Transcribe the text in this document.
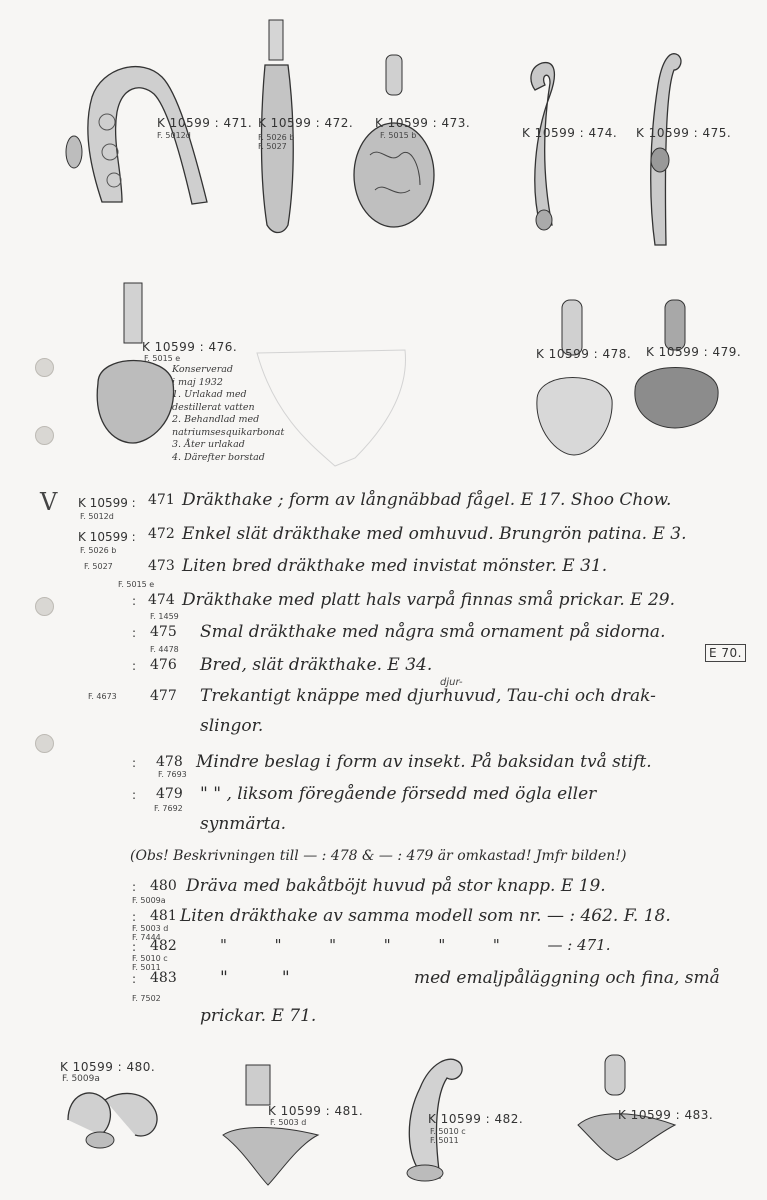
K 10599 : 471.
F. 5012d
K 10599 : 472.
F. 5026 b
F. 5027
K 10599 : 473.
F. 5015 b	K 10599 : 474. K 10599 : 475.
K 10599 : 476.
F. 5015 e
Konserverad
i maj 1932
1. Urlakad med
destillerat vatten
2. Behandlad med
natriumsesquikarbonat
3. Åter urlakad
4. Därefter borstad
K 10599 : 478. K 10599 : 479.
V K 10599 :
F. 5012d
471 Dräkthake ; form av långnäbbad fågel. E 17. Shoo Chow.
K 10599 :
F. 5026 b
472 Enkel slät dräkthake med omhuvud. Brungrön patina. E 3.
F. 5027	473 Liten bred dräkthake med invistat mönster. E 31.
:
F. 5015 e
474 Dräkthake med platt hals varpå finnas små prickar. E 29.
:
F. 1459
475 Smal dräkthake med några små ornament på sidorna.
E 70.
:
F. 4478
476 Bred, slät dräkthake. E 34.
djur-
F. 4673 477 Trekantigt knäppe med djurhuvud, Tau-chi och drak-
slingor.
:
F. 7693
478 Mindre beslag i form av insekt. På baksidan två stift.
:
F. 7692
479 " " , liksom föregående försedd med ögla eller
synmärta.
(Obs! Beskrivningen till — : 478 & — : 479 är omkastad! Jmfr bilden!)
:
F. 5009a
480 Dräva med bakåtböjt huvud på stor knapp. E 19.
:
F. 5003 d
F. 7444
481 Liten dräkthake av samma modell som nr. — : 462. F. 18.
:
F. 5010 c
F. 5011
482	"          "          "          "          "          "          — : 471.
:
F. 7502
483	"          "                       med emaljpåläggning och fina, små
prickar. E 71.
K 10599 : 480.
F. 5009a
K 10599 : 481.
F. 5003 d	K 10599 : 482.
F. 5010 c
F. 5011
K 10599 : 483.
